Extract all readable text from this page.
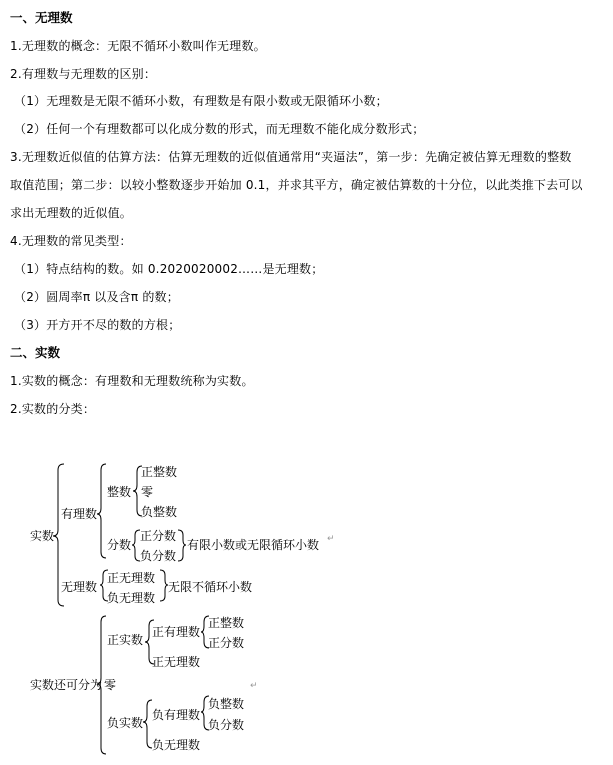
一、无理数
1.无理数的概念：无限不循环小数叫作无理数。
2.有理数与无理数的区别：
（1）无理数是无限不循环小数，有理数是有限小数或无限循环小数；
（2）任何一个有理数都可以化成分数的形式，而无理数不能化成分数形式；
3.无理数近似值的估算方法：估算无理数的近似值通常用“夹逼法”，第一步：先确定被估算无理数的整数
取值范围；第二步：以较小整数逐步开始加 0.1，并求其平方，确定被估算数的十分位，以此类推下去可以
求出无理数的近似值。
4.无理数的常见类型：
（1）特点结构的数。如 0.2020020002……是无理数；
（2）圆周率π 以及含π 的数；
（3）开方开不尽的数的方根；
二、实数
1.实数的概念：有理数和无理数统称为实数。
2.实数的分类：
实数
有理数
整数
正整数
零
负整数
分数
正分数
负分数
有限小数或无限循环小数 ↵
无理数
正无理数
负无理数
无限不循环小数
实数还可分为
正实数
正有理数
正整数
正分数
正无理数
零	↵
负实数
负有理数
负整数
负分数
负无理数
